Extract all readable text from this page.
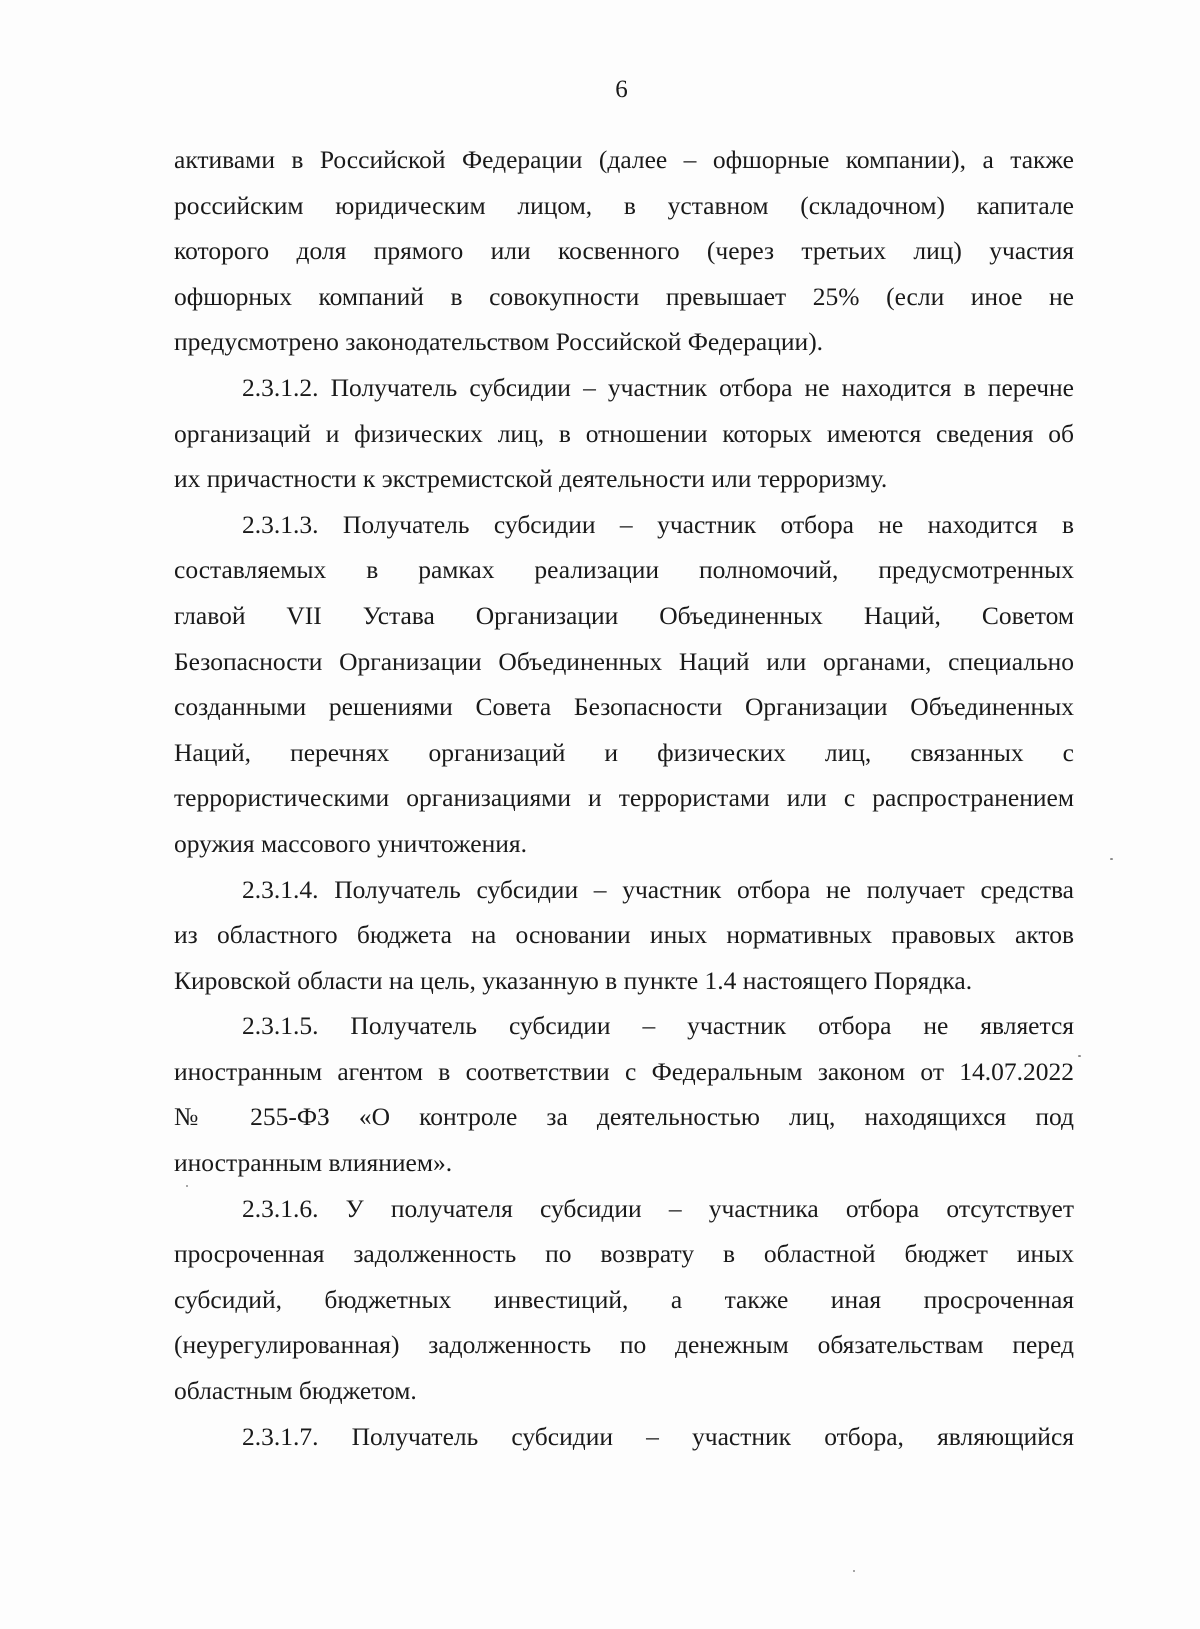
6
активами в Российской Федерации (далее – офшорные компании), а также
российским юридическим лицом, в уставном (складочном) капитале
которого доля прямого или косвенного (через третьих лиц) участия
офшорных компаний в совокупности превышает 25% (если иное не
предусмотрено законодательством Российской Федерации).
2.3.1.2. Получатель субсидии – участник отбора не находится в перечне
организаций и физических лиц, в отношении которых имеются сведения об
их причастности к экстремистской деятельности или терроризму.
2.3.1.3. Получатель субсидии – участник отбора не находится в
составляемых в рамках реализации полномочий, предусмотренных
главой VII Устава Организации Объединенных Наций, Советом
Безопасности Организации Объединенных Наций или органами, специально
созданными решениями Совета Безопасности Организации Объединенных
Наций, перечнях организаций и физических лиц, связанных с
террористическими организациями и террористами или с распространением
оружия массового уничтожения.
2.3.1.4. Получатель субсидии – участник отбора не получает средства
из областного бюджета на основании иных нормативных правовых актов
Кировской области на цель, указанную в пункте 1.4 настоящего Порядка.
2.3.1.5. Получатель субсидии – участник отбора не является
иностранным агентом в соответствии с Федеральным законом от 14.07.2022
№ 255-ФЗ «О контроле за деятельностью лиц, находящихся под
иностранным влиянием».
2.3.1.6. У получателя субсидии – участника отбора отсутствует
просроченная задолженность по возврату в областной бюджет иных
субсидий, бюджетных инвестиций, а также иная просроченная
(неурегулированная) задолженность по денежным обязательствам перед
областным бюджетом.
2.3.1.7. Получатель субсидии – участник отбора, являющийся
